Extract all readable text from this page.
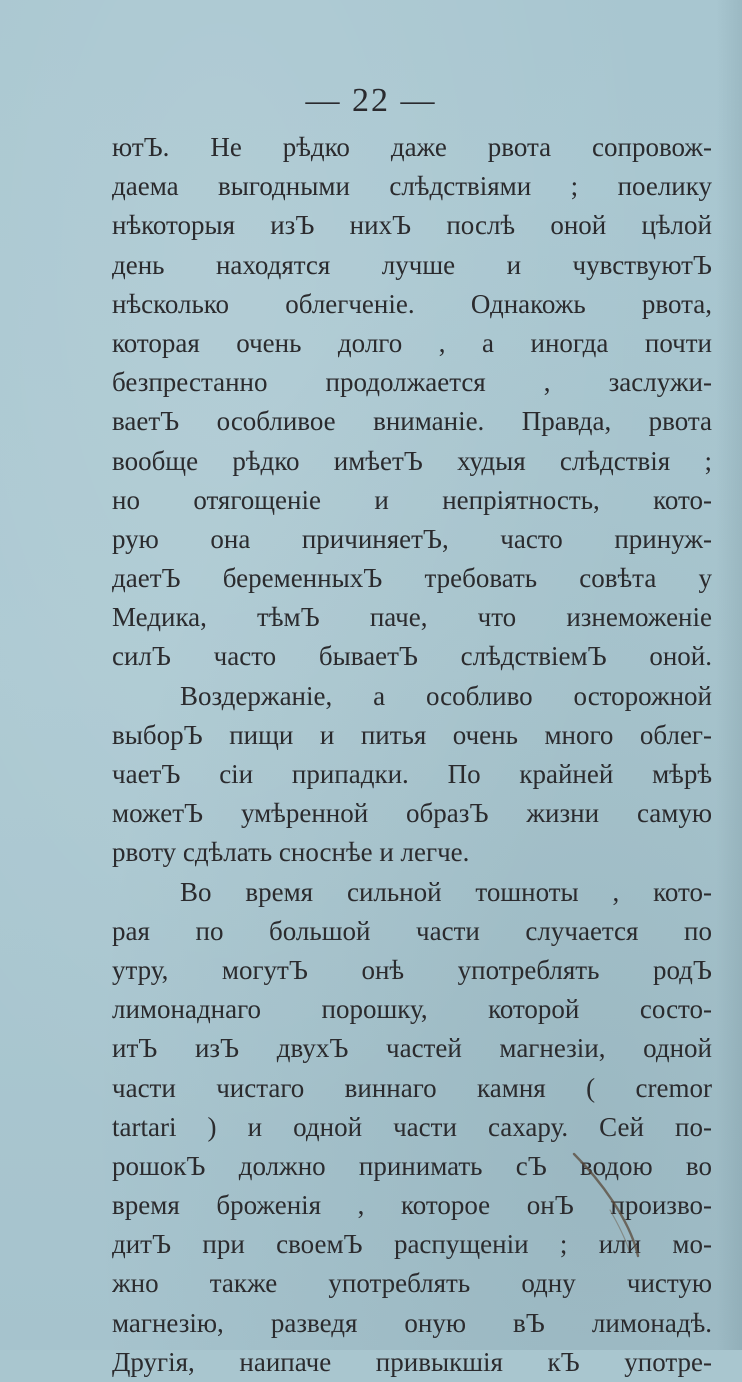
— 22 —
ютЪ. Не рѣдко даже рвота сопровож-
даема выгодными слѣдствіями ; поелику
нѣкоторыя изЪ нихЪ послѣ оной цѣлой
день находятся лучше и чувствуютЪ
нѣсколько облегченіе. Однакожь рвота,
которая очень долго , а иногда почти
безпрестанно продолжается , заслужи-
ваетЪ особливое вниманіе. Правда, рвота
вообще рѣдко имѣетЪ худыя слѣдствія ;
но отягощеніе и непріятность, кото-
рую она причиняетЪ, часто принуж-
даетЪ беременныхЪ требовать совѣта у
Медика, тѣмЪ паче, что изнеможеніе
силЪ часто бываетЪ слѣдствіемЪ оной.
Воздержаніе, а особливо осторожной
выборЪ пищи и питья очень много облег-
чаетЪ сіи припадки. По крайней мѣрѣ
можетЪ умѣренной образЪ жизни самую
рвоту сдѣлать сноснѣе и легче.
Во время сильной тошноты , кото-
рая по большой части случается по
утру, могутЪ онѣ употреблять родЪ
лимонаднаго порошку, которой состо-
итЪ изЪ двухЪ частей магнезіи, одной
части чистаго виннаго камня ( cremor
tartari ) и одной части сахару. Сей по-
рошокЪ должно принимать сЪ водою во
время броженія , которое онЪ произво-
дитЪ при своемЪ распущеніи ; или мо-
жно также употреблять одну чистую
магнезію, разведя оную вЪ лимонадѣ.
Другія, наипаче привыкшія кЪ употре-
